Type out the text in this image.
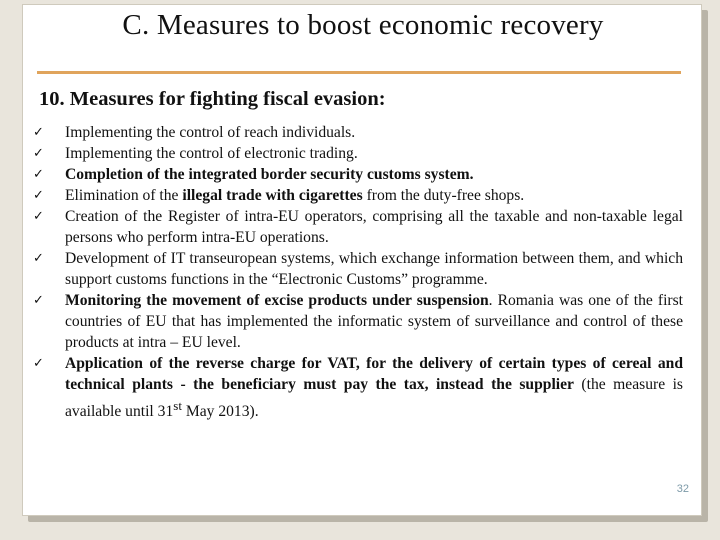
C. Measures to boost economic recovery
10. Measures for fighting fiscal evasion:
✓	Implementing the control of reach individuals.
✓	Implementing the control of electronic trading.
✓	Completion of the integrated border security customs system.
✓	Elimination of the illegal trade with cigarettes from the duty-free shops.
✓	Creation of the Register of intra-EU operators, comprising all the taxable and non-taxable legal persons who perform intra-EU operations.
✓	Development of IT transeuropean systems, which exchange information between them, and which support customs functions in the “Electronic Customs” programme.
✓	Monitoring the movement of excise products under suspension. Romania was one of the first countries of EU that has implemented the informatic system of surveillance and control of these products at intra – EU level.
✓	Application of the reverse charge for VAT, for the delivery of certain types of cereal and technical plants - the beneficiary must pay the tax, instead the supplier (the measure is available until 31st May 2013).
32
